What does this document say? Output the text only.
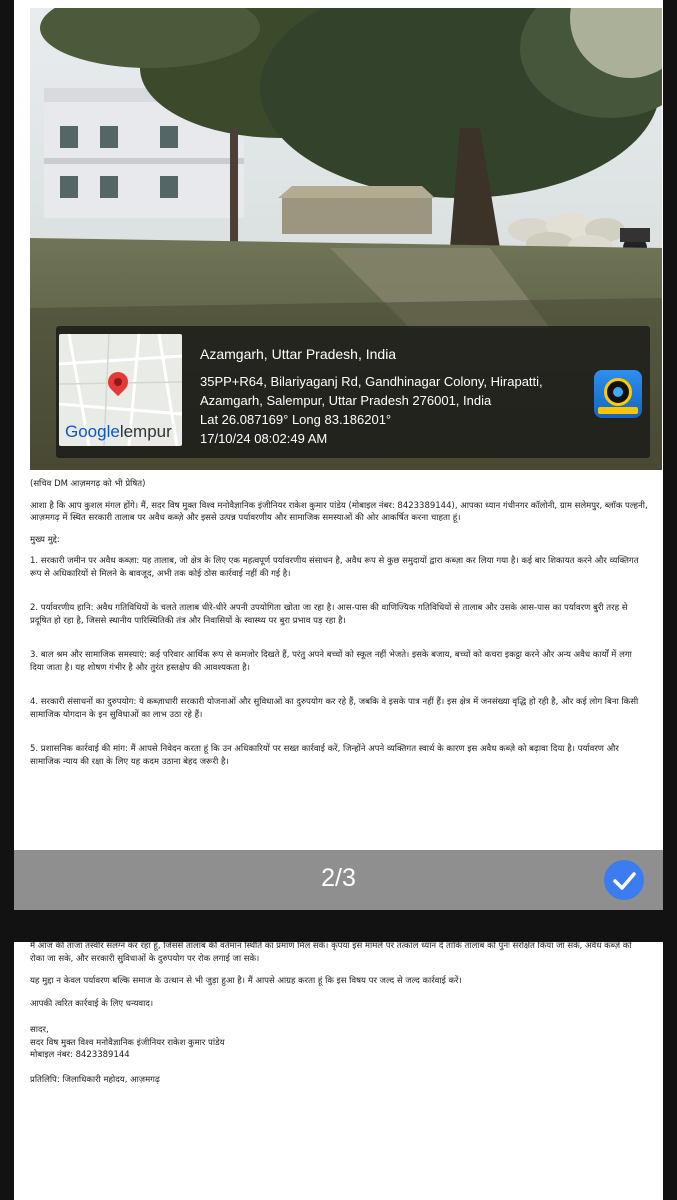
Googlelempur
Azamgarh, Uttar Pradesh, India
35PP+R64, Bilariyaganj Rd, Gandhinagar Colony, Hirapatti,
Azamgarh, Salempur, Uttar Pradesh 276001, India
Lat 26.087169° Long 83.186201°
17/10/24 08:02:49 AM

(सचिव DM आज़मगढ़ को भी प्रेषित)

आशा है कि आप कुशल मंगल होंगे। मैं, सदर विष मुक्त विश्व मनोवैज्ञानिक इंजीनियर राकेश कुमार पांडेय (मोबाइल नंबर: 8423389144), आपका ध्यान गंधीनगर कॉलोनी, ग्राम सलेमपुर, ब्लॉक पल्हनी, आज़मगढ़ में स्थित सरकारी तालाब पर अवैध कब्ज़े और इससे उत्पन्न पर्यावरणीय और सामाजिक समस्याओं की ओर आकर्षित करना चाहता हूं।

मुख्य मुद्दे:

1. सरकारी जमीन पर अवैध कब्ज़ा: यह तालाब, जो क्षेत्र के लिए एक महत्वपूर्ण पर्यावरणीय संसाधन है, अवैध रूप से कुछ समुदायों द्वारा कब्ज़ा कर लिया गया है। कई बार शिकायत करने और व्यक्तिगत रूप से अधिकारियों से मिलने के बावजूद, अभी तक कोई ठोस कार्रवाई नहीं की गई है।

2. पर्यावरणीय हानि: अवैध गतिविधियों के चलते तालाब धीरे-धीरे अपनी उपयोगिता खोता जा रहा है। आस-पास की वाणिज्यिक गतिविधियों से तालाब और उसके आस-पास का पर्यावरण बुरी तरह से प्रदूषित हो रहा है, जिससे स्थानीय पारिस्थितिकी तंत्र और निवासियों के स्वास्थ्य पर बुरा प्रभाव पड़ रहा है।

3. बाल श्रम और सामाजिक समस्याएं: कई परिवार आर्थिक रूप से कमजोर दिखते हैं, परंतु अपने बच्चों को स्कूल नहीं भेजते। इसके बजाय, बच्चों को कचरा इकट्ठा करने और अन्य अवैध कार्यों में लगा दिया जाता है। यह शोषण गंभीर है और तुरंत हस्तक्षेप की आवश्यकता है।

4. सरकारी संसाधनों का दुरुपयोग: ये कब्ज़ाधारी सरकारी योजनाओं और सुविधाओं का दुरुपयोग कर रहे हैं, जबकि वे इसके पात्र नहीं हैं। इस क्षेत्र में जनसंख्या वृद्धि हो रही है, और कई लोग बिना किसी सामाजिक योगदान के इन सुविधाओं का लाभ उठा रहे हैं।

5. प्रशासनिक कार्रवाई की मांग: मैं आपसे निवेदन करता हूं कि उन अधिकारियों पर सख्त कार्रवाई करें, जिन्होंने अपने व्यक्तिगत स्वार्थ के कारण इस अवैध कब्ज़े को बढ़ावा दिया है। पर्यावरण और सामाजिक न्याय की रक्षा के लिए यह कदम उठाना बेहद जरूरी है।

2/3

मैं आज की ताजा तस्वीर संलग्न कर रहा हूं, जिससे तालाब की वर्तमान स्थिति का प्रमाण मिल सके। कृपया इस मामले पर तत्काल ध्यान दें ताकि तालाब को पुनः संरक्षित किया जा सके, अवैध कब्ज़े को रोका जा सके, और सरकारी सुविधाओं के दुरुपयोग पर रोक लगाई जा सके।

यह मुद्दा न केवल पर्यावरण बल्कि समाज के उत्थान से भी जुड़ा हुआ है। मैं आपसे आग्रह करता हूं कि इस विषय पर जल्द से जल्द कार्रवाई करें।

आपकी त्वरित कार्रवाई के लिए धन्यवाद।

सादर,
सदर विष मुक्त विश्व मनोवैज्ञानिक इंजीनियर राकेश कुमार पांडेय
मोबाइल नंबर: 8423389144

प्रतिलिपि: जिलाधिकारी महोदय, आज़मगढ़
